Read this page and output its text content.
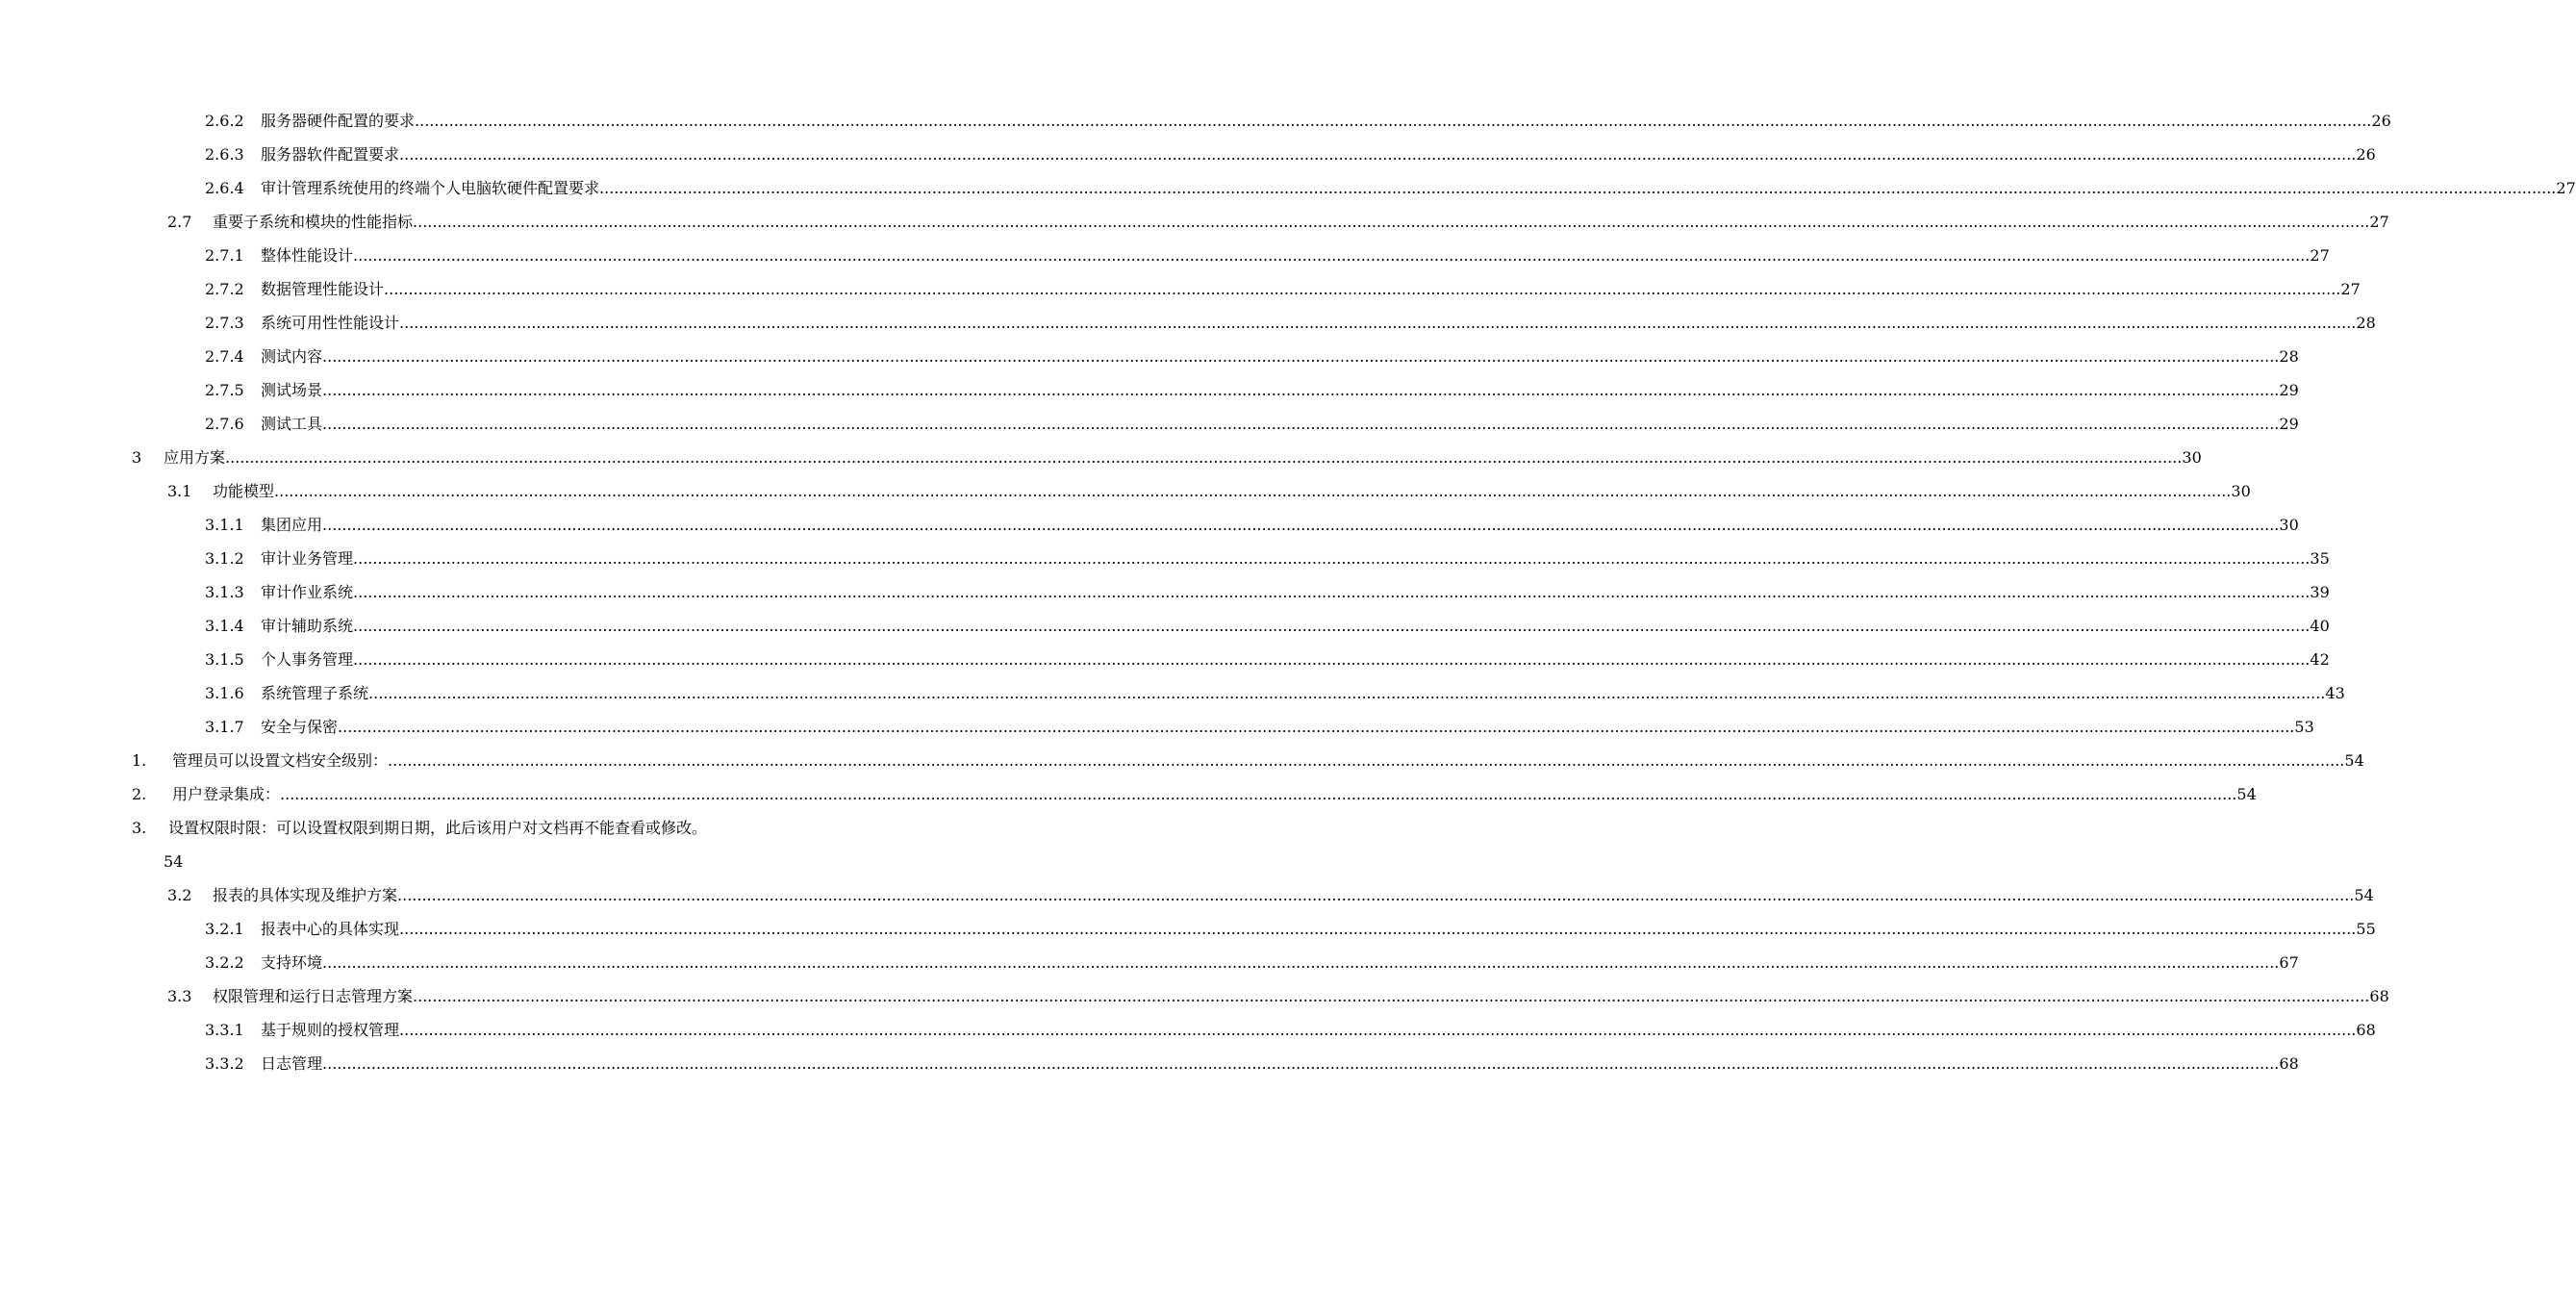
2.6.2 服务器硬件配置的要求 ................................................................................................................................................................................................................................................................................................................................................................................................................ 26
2.6.3 服务器软件配置要求 ................................................................................................................................................................................................................................................................................................................................................................................................................ 26
2.6.4 审计管理系统使用的终端个人电脑软硬件配置要求 ................................................................................................................................................................................................................................................................................................................................................................................................................ 27
2.7 重要子系统和模块的性能指标 ................................................................................................................................................................................................................................................................................................................................................................................................................ 27
2.7.1 整体性能设计 ................................................................................................................................................................................................................................................................................................................................................................................................................ 27
2.7.2 数据管理性能设计 ................................................................................................................................................................................................................................................................................................................................................................................................................ 27
2.7.3 系统可用性性能设计 ................................................................................................................................................................................................................................................................................................................................................................................................................ 28
2.7.4 测试内容 ................................................................................................................................................................................................................................................................................................................................................................................................................ 28
2.7.5 测试场景 ................................................................................................................................................................................................................................................................................................................................................................................................................ 29
2.7.6 测试工具 ................................................................................................................................................................................................................................................................................................................................................................................................................ 29
3 应用方案 ................................................................................................................................................................................................................................................................................................................................................................................................................ 30
3.1 功能模型 ................................................................................................................................................................................................................................................................................................................................................................................................................ 30
3.1.1 集团应用 ................................................................................................................................................................................................................................................................................................................................................................................................................ 30
3.1.2 审计业务管理 ................................................................................................................................................................................................................................................................................................................................................................................................................ 35
3.1.3 审计作业系统 ................................................................................................................................................................................................................................................................................................................................................................................................................ 39
3.1.4 审计辅助系统 ................................................................................................................................................................................................................................................................................................................................................................................................................ 40
3.1.5 个人事务管理 ................................................................................................................................................................................................................................................................................................................................................................................................................ 42
3.1.6 系统管理子系统 ................................................................................................................................................................................................................................................................................................................................................................................................................ 43
3.1.7 安全与保密 ................................................................................................................................................................................................................................................................................................................................................................................................................ 53
1. 管理员可以设置文档安全级别： ................................................................................................................................................................................................................................................................................................................................................................................................................ 54
2. 用户登录集成： ................................................................................................................................................................................................................................................................................................................................................................................................................ 54
3. 设置权限时限：可以设置权限到期日期，此后该用户对文档再不能查看或修改。
54
3.2 报表的具体实现及维护方案 ................................................................................................................................................................................................................................................................................................................................................................................................................ 54
3.2.1 报表中心的具体实现 ................................................................................................................................................................................................................................................................................................................................................................................................................ 55
3.2.2 支持环境 ................................................................................................................................................................................................................................................................................................................................................................................................................ 67
3.3 权限管理和运行日志管理方案 ................................................................................................................................................................................................................................................................................................................................................................................................................ 68
3.3.1 基于规则的授权管理 ................................................................................................................................................................................................................................................................................................................................................................................................................ 68
3.3.2 日志管理 ................................................................................................................................................................................................................................................................................................................................................................................................................ 68
